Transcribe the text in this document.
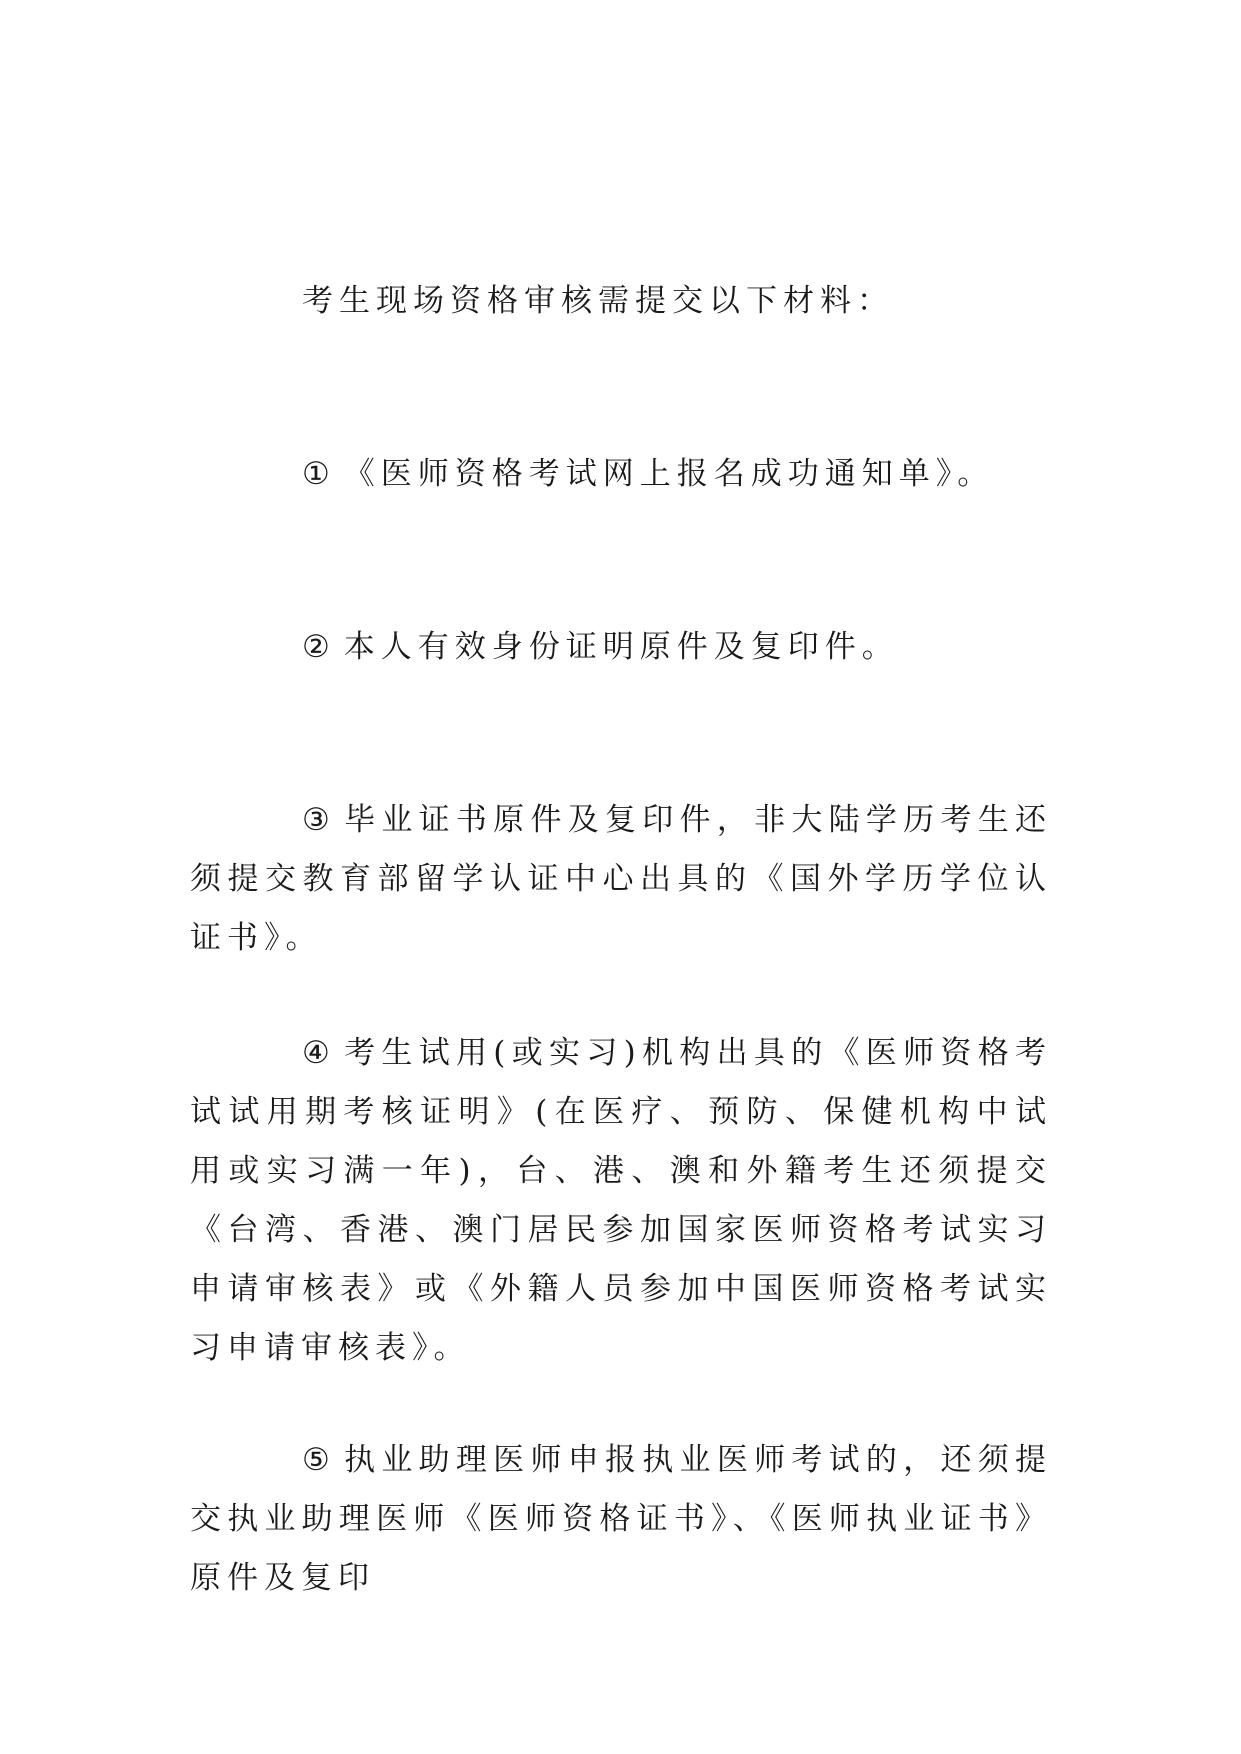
考生现场资格审核需提交以下材料：

① 《医师资格考试网上报名成功通知单》。

② 本人有效身份证明原件及复印件。

③ 毕业证书原件及复印件，非大陆学历考生还须提交教育部留学认证中心出具的《国外学历学位认证书》。

④ 考生试用(或实习)机构出具的《医师资格考试试用期考核证明》(在医疗、预防、保健机构中试用或实习满一年)，台、港、澳和外籍考生还须提交《台湾、香港、澳门居民参加国家医师资格考试实习申请审核表》或《外籍人员参加中国医师资格考试实习申请审核表》。

⑤ 执业助理医师申报执业医师考试的，还须提交执业助理医师《医师资格证书》、《医师执业证书》原件及复印
